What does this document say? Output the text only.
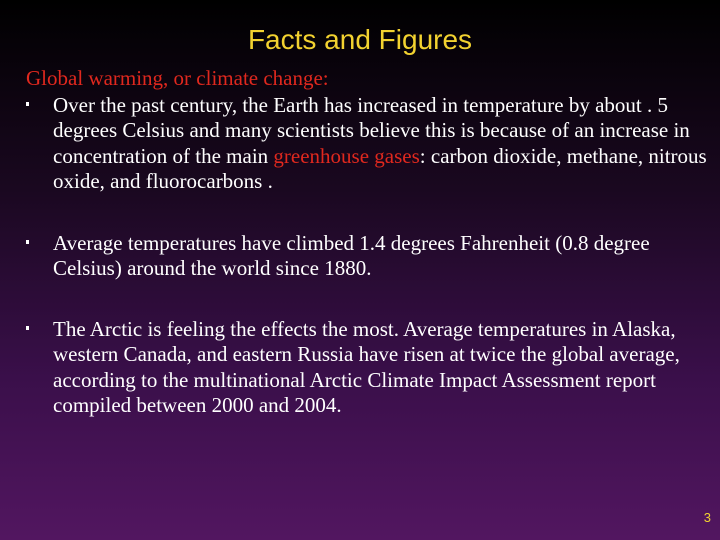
Facts and Figures

Global warming, or climate change:

Over the past century, the Earth has increased in temperature by about . 5 degrees Celsius and many scientists believe this is because of an increase in concentration of the main greenhouse gases: carbon dioxide, methane, nitrous oxide, and fluorocarbons .

Average temperatures have climbed 1.4 degrees Fahrenheit (0.8 degree Celsius) around the world since 1880.

The Arctic is feeling the effects the most. Average temperatures in Alaska, western Canada, and eastern Russia have risen at twice the global average, according to the multinational Arctic Climate Impact Assessment report compiled between 2000 and 2004.

3
